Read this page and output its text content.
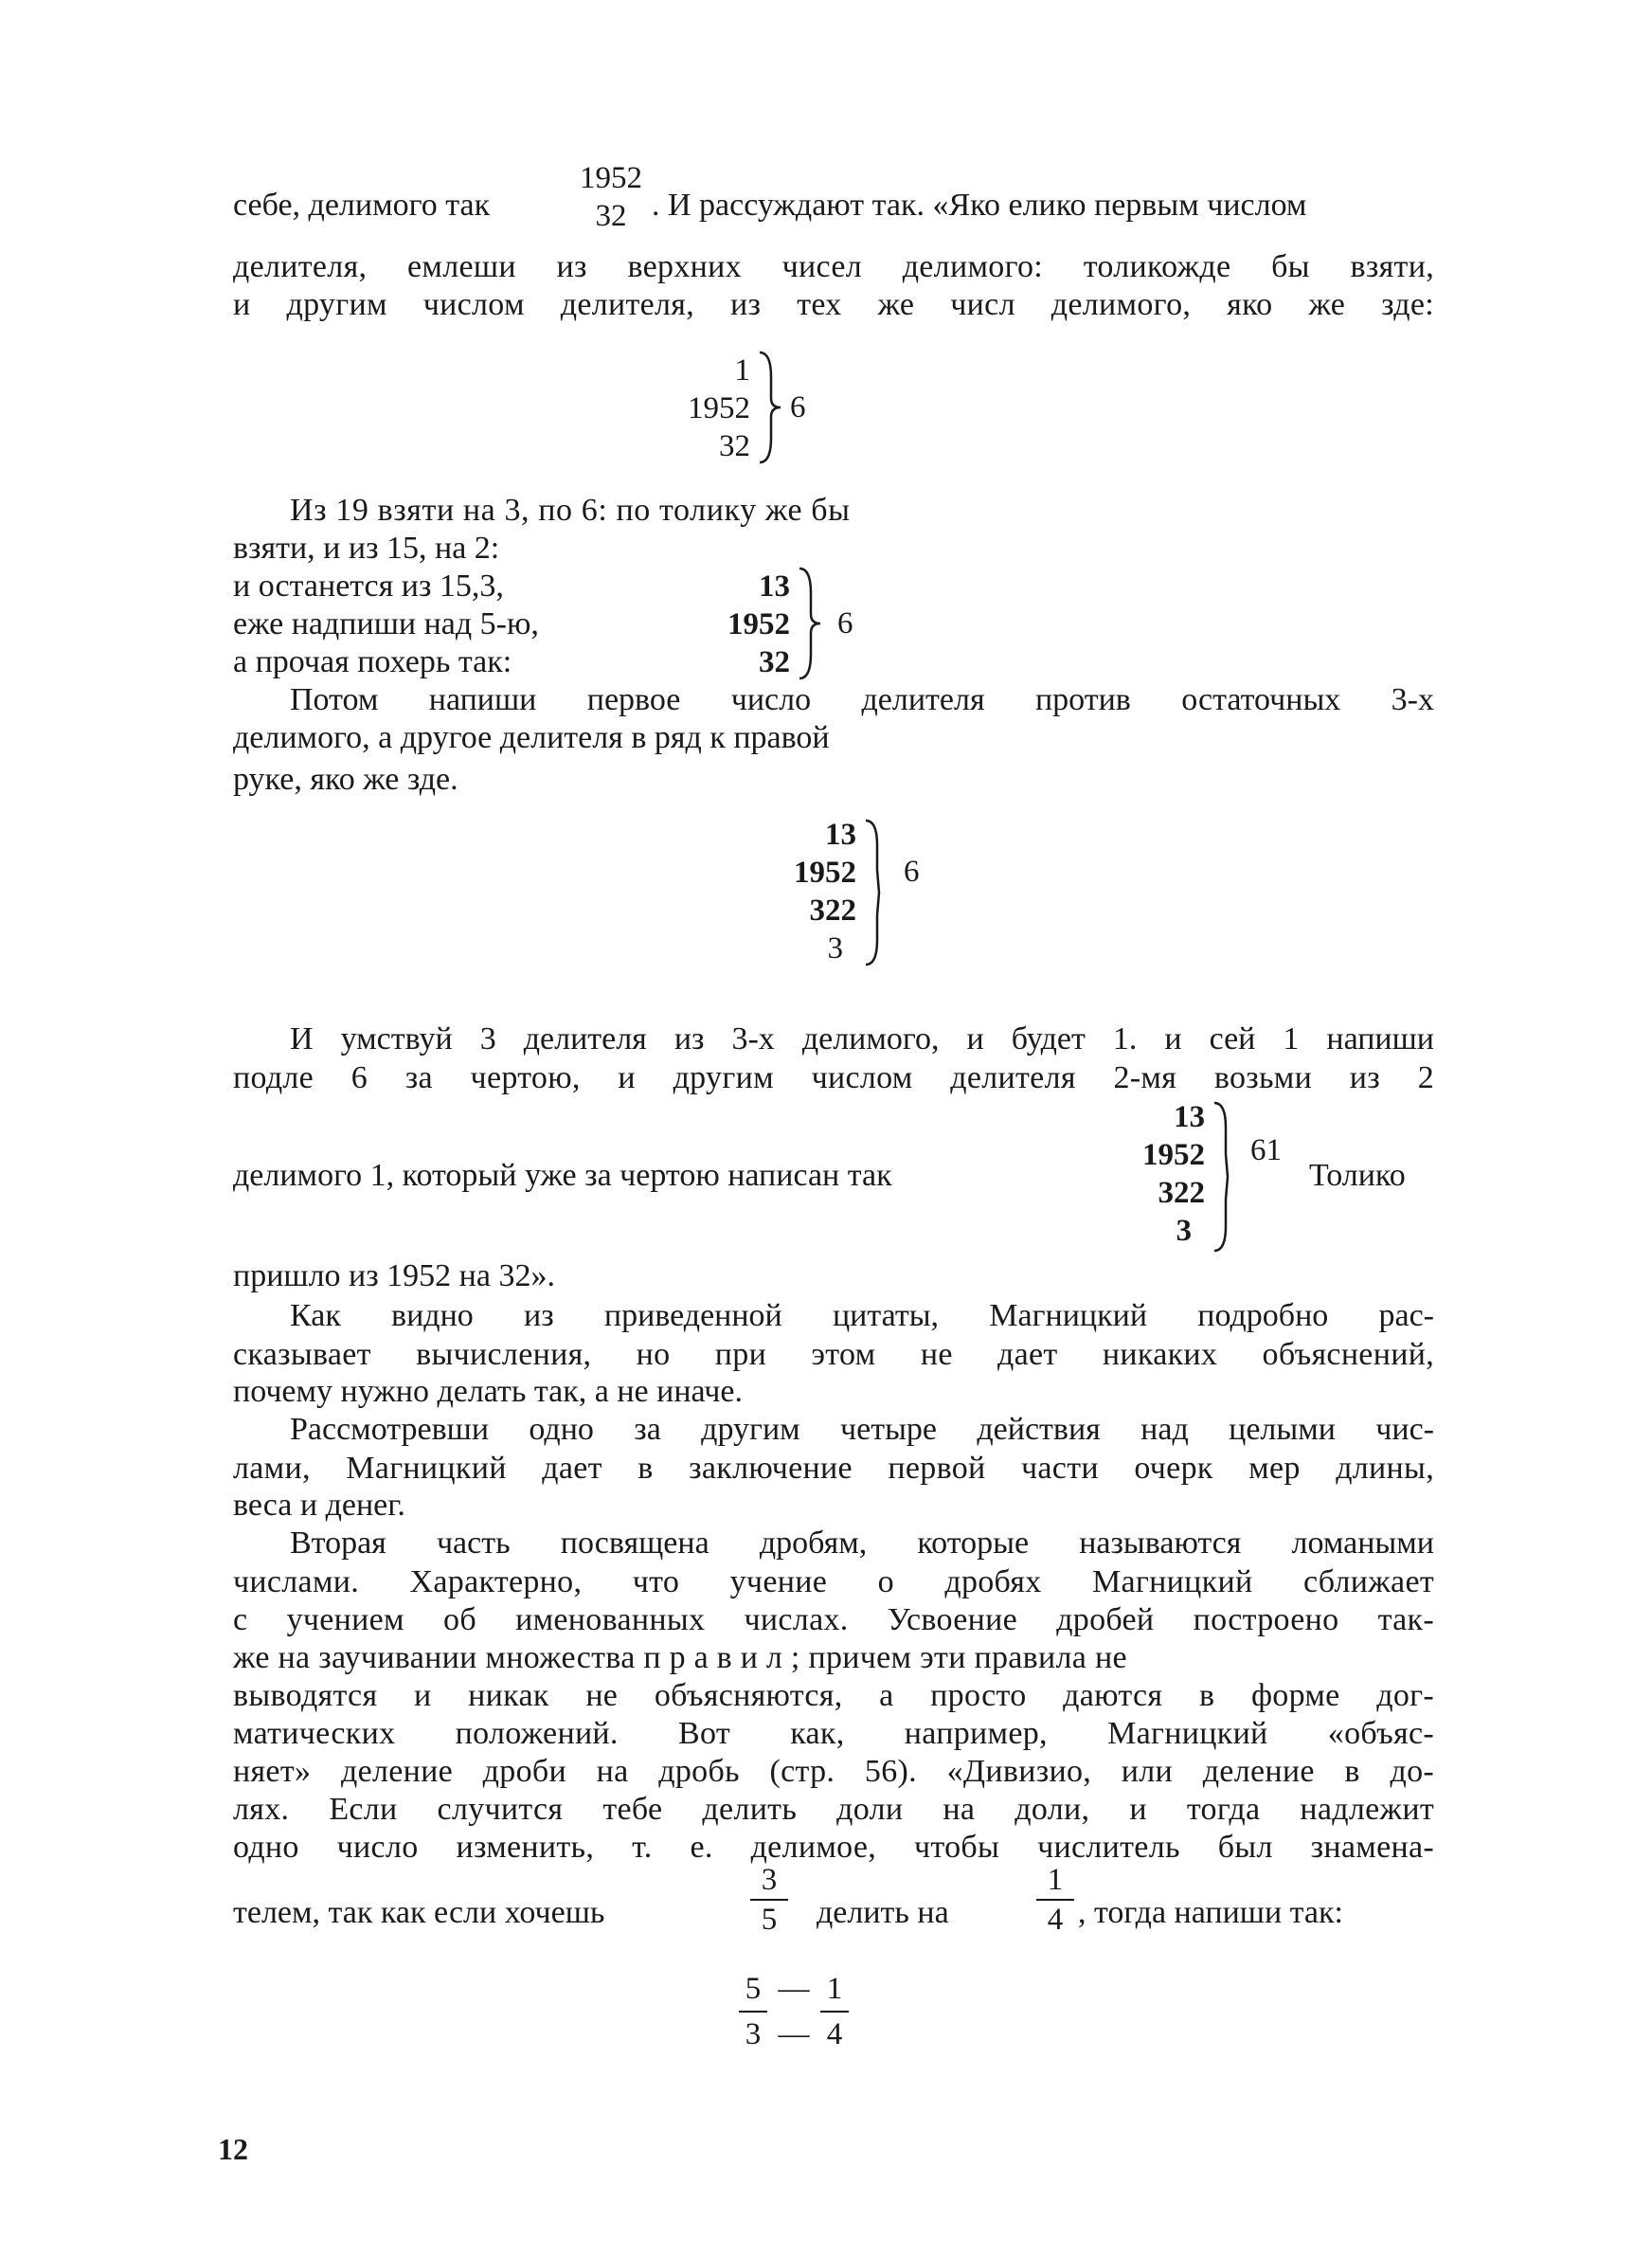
себе, делимого так
1952
32 . И рассуждают так. «Яко елико первым числом
делителя, емлеши из верхних чисел делимого: толикожде бы взяти,
и другим числом делителя, из тех же числ делимого, яко же зде:
1
1952
32
6
Из 19 взяти на 3, по 6: по толику же бы
взяти, и из 15, на 2:
и останется из 15,3,
еже надпиши над 5-ю,
а прочая похерь так:
13
1952
32
6
Потом напиши первое число делителя против остаточных 3-х
делимого, а другое делителя в ряд к правой
руке, яко же зде.
13
1952
322
3
6
И умствуй 3 делителя из 3-х делимого, и будет 1. и сей 1 напиши
подле 6 за чертою, и другим числом делителя 2-мя возьми из 2
13
1952
322
3
61
делимого 1, который уже за чертою написан так	Толико
пришло из 1952 на 32».
Как видно из приведенной цитаты, Магницкий подробно рас-
сказывает вычисления, но при этом не дает никаких объяснений,
почему нужно делать так, а не иначе.
Рассмотревши одно за другим четыре действия над целыми чис-
лами, Магницкий дает в заключение первой части очерк мер длины,
веса и денег.
Вторая часть посвящена дробям, которые называются ломаными
числами. Характерно, что учение о дробях Магницкий сближает
с учением об именованных числах. Усвоение дробей построено так-
же на заучивании множества правил; причем эти правила не
выводятся и никак не объясняются, а просто даются в форме дог-
матических положений. Вот как, например, Магницкий «объяс-
няет» деление дроби на дробь (стр. 56). «Дивизио, или деление в до-
лях. Если случится тебе делить доли на доли, и тогда надлежит
одно число изменить, т. е. делимое, чтобы числитель был знамена-
телем, так как если хочешь
3
5	делить на
1
4 , тогда напиши так:
5 — 1
3 — 4
12
